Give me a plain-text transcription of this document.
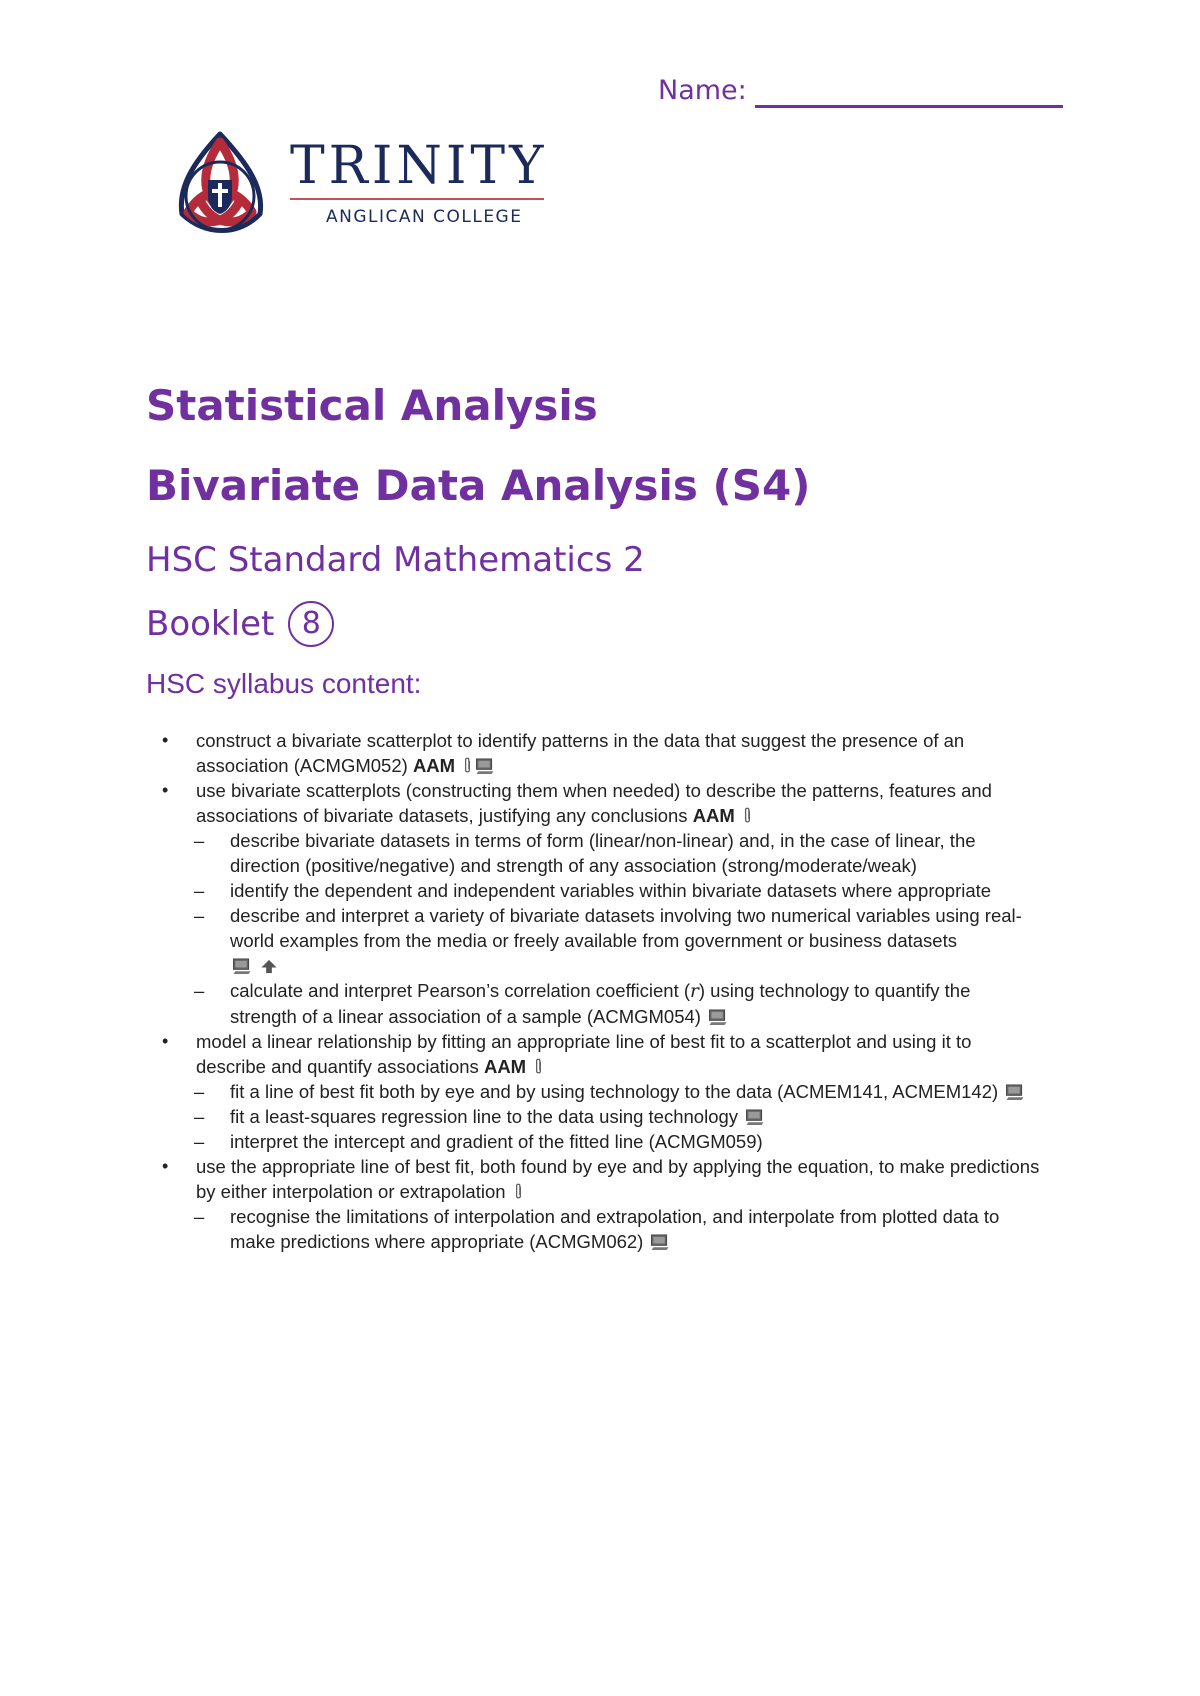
Name:
TRINITY
ANGLICAN COLLEGE
Statistical Analysis
Bivariate Data Analysis (S4)
HSC Standard Mathematics 2
Booklet 8
HSC syllabus content:
• construct a bivariate scatterplot to identify patterns in the data that suggest the presence of an association (ACMGM052) AAM
• use bivariate scatterplots (constructing them when needed) to describe the patterns, features and associations of bivariate datasets, justifying any conclusions AAM
– describe bivariate datasets in terms of form (linear/non-linear) and, in the case of linear, the direction (positive/negative) and strength of any association (strong/moderate/weak)
– identify the dependent and independent variables within bivariate datasets where appropriate
– describe and interpret a variety of bivariate datasets involving two numerical variables using real-world examples from the media or freely available from government or business datasets

– calculate and interpret Pearson’s correlation coefficient (r) using technology to quantify the strength of a linear association of a sample (ACMGM054)
• model a linear relationship by fitting an appropriate line of best fit to a scatterplot and using it to describe and quantify associations AAM
– fit a line of best fit both by eye and by using technology to the data (ACMEM141, ACMEM142)
– fit a least-squares regression line to the data using technology
– interpret the intercept and gradient of the fitted line (ACMGM059)
• use the appropriate line of best fit, both found by eye and by applying the equation, to make predictions by either interpolation or extrapolation
– recognise the limitations of interpolation and extrapolation, and interpolate from plotted data to make predictions where appropriate (ACMGM062)
